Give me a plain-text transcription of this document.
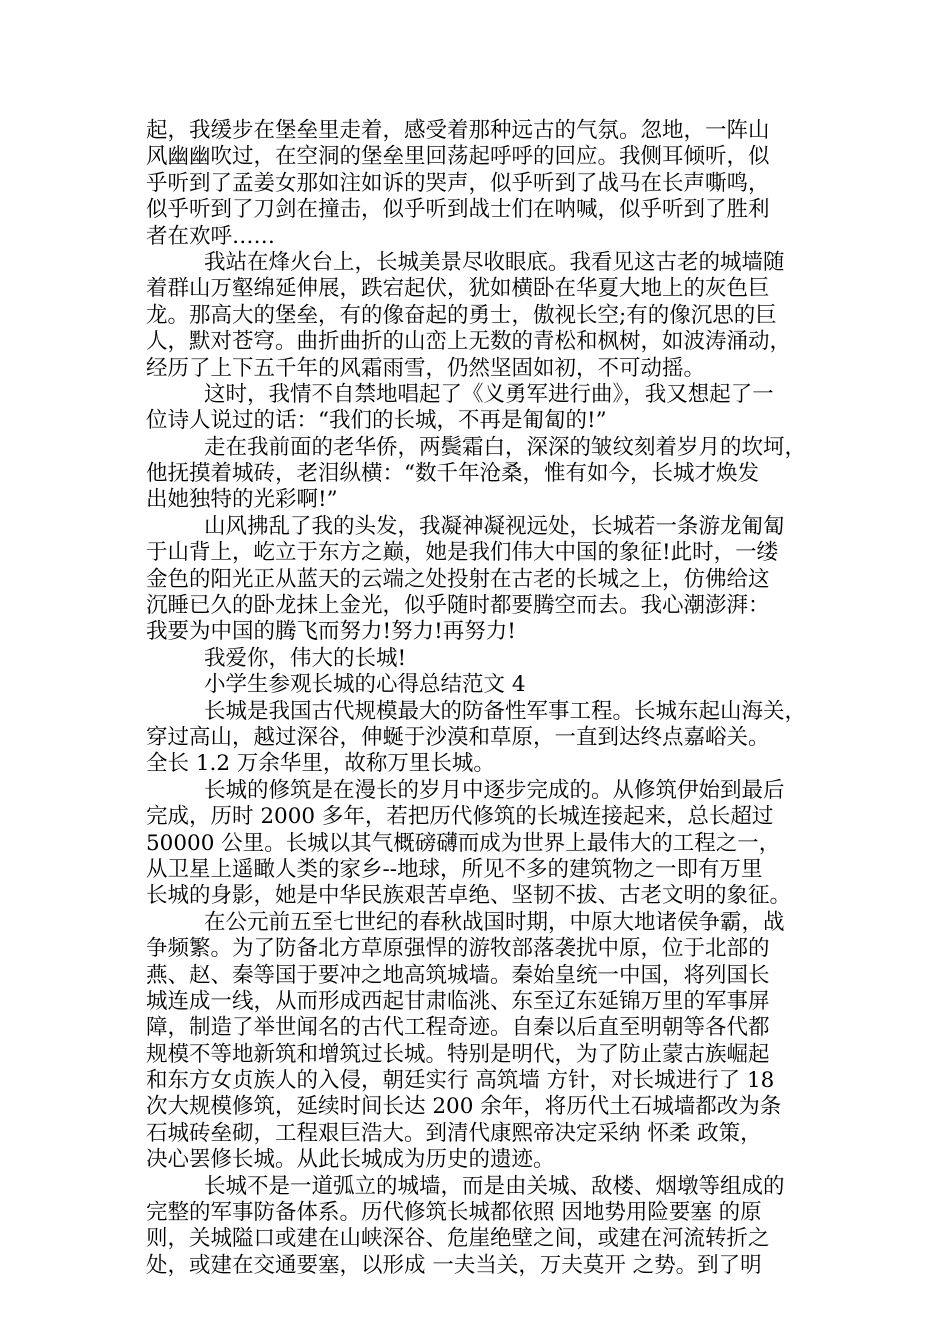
起，我缓步在堡垒里走着，感受着那种远古的气氛。忽地，一阵山
风幽幽吹过，在空洞的堡垒里回荡起呼呼的回应。我侧耳倾听，似
乎听到了孟姜女那如注如诉的哭声，似乎听到了战马在长声嘶鸣，
似乎听到了刀剑在撞击，似乎听到战士们在呐喊，似乎听到了胜利
者在欢呼……
我站在烽火台上，长城美景尽收眼底。我看见这古老的城墙随
着群山万壑绵延伸展，跌宕起伏，犹如横卧在华夏大地上的灰色巨
龙。那高大的堡垒，有的像奋起的勇士，傲视长空;有的像沉思的巨
人，默对苍穹。曲折曲折的山峦上无数的青松和枫树，如波涛涌动，
经历了上下五千年的风霜雨雪，仍然坚固如初，不可动摇。
这时，我情不自禁地唱起了《义勇军进行曲》，我又想起了一
位诗人说过的话：“我们的长城，不再是匍匐的!”
走在我前面的老华侨，两鬓霜白，深深的皱纹刻着岁月的坎坷，
他抚摸着城砖，老泪纵横：“数千年沧桑，惟有如今，长城才焕发
出她独特的光彩啊!”
山风拂乱了我的头发，我凝神凝视远处，长城若一条游龙匍匐
于山背上，屹立于东方之巅，她是我们伟大中国的象征!此时，一缕
金色的阳光正从蓝天的云端之处投射在古老的长城之上，仿佛给这
沉睡已久的卧龙抹上金光，似乎随时都要腾空而去。我心潮澎湃：
我要为中国的腾飞而努力!努力!再努力!
我爱你，伟大的长城!
小学生参观长城的心得总结范文 4
长城是我国古代规模最大的防备性军事工程。长城东起山海关，
穿过高山，越过深谷，伸蜒于沙漠和草原，一直到达终点嘉峪关。
全长 1.2 万余华里，故称万里长城。
长城的修筑是在漫长的岁月中逐步完成的。从修筑伊始到最后
完成，历时 2000 多年，若把历代修筑的长城连接起来，总长超过
50000 公里。长城以其气概磅礴而成为世界上最伟大的工程之一，
从卫星上遥瞰人类的家乡--地球，所见不多的建筑物之一即有万里
长城的身影，她是中华民族艰苦卓绝、坚韧不拔、古老文明的象征。
在公元前五至七世纪的春秋战国时期，中原大地诸侯争霸，战
争频繁。为了防备北方草原强悍的游牧部落袭扰中原，位于北部的
燕、赵、秦等国于要冲之地高筑城墙。秦始皇统一中国，将列国长
城连成一线，从而形成西起甘肃临洮、东至辽东延锦万里的军事屏
障，制造了举世闻名的古代工程奇迹。自秦以后直至明朝等各代都
规模不等地新筑和增筑过长城。特别是明代，为了防止蒙古族崛起
和东方女贞族人的入侵，朝廷实行 高筑墙 方针，对长城进行了 18
次大规模修筑，延续时间长达 200 余年，将历代土石城墙都改为条
石城砖垒砌，工程艰巨浩大。到清代康熙帝决定采纳 怀柔 政策，
决心罢修长城。从此长城成为历史的遗迹。
长城不是一道弧立的城墙，而是由关城、敌楼、烟墩等组成的
完整的军事防备体系。历代修筑长城都依照 因地势用险要塞 的原
则，关城隘口或建在山峡深谷、危崖绝壁之间，或建在河流转折之
处，或建在交通要塞，以形成 一夫当关，万夫莫开 之势。到了明
